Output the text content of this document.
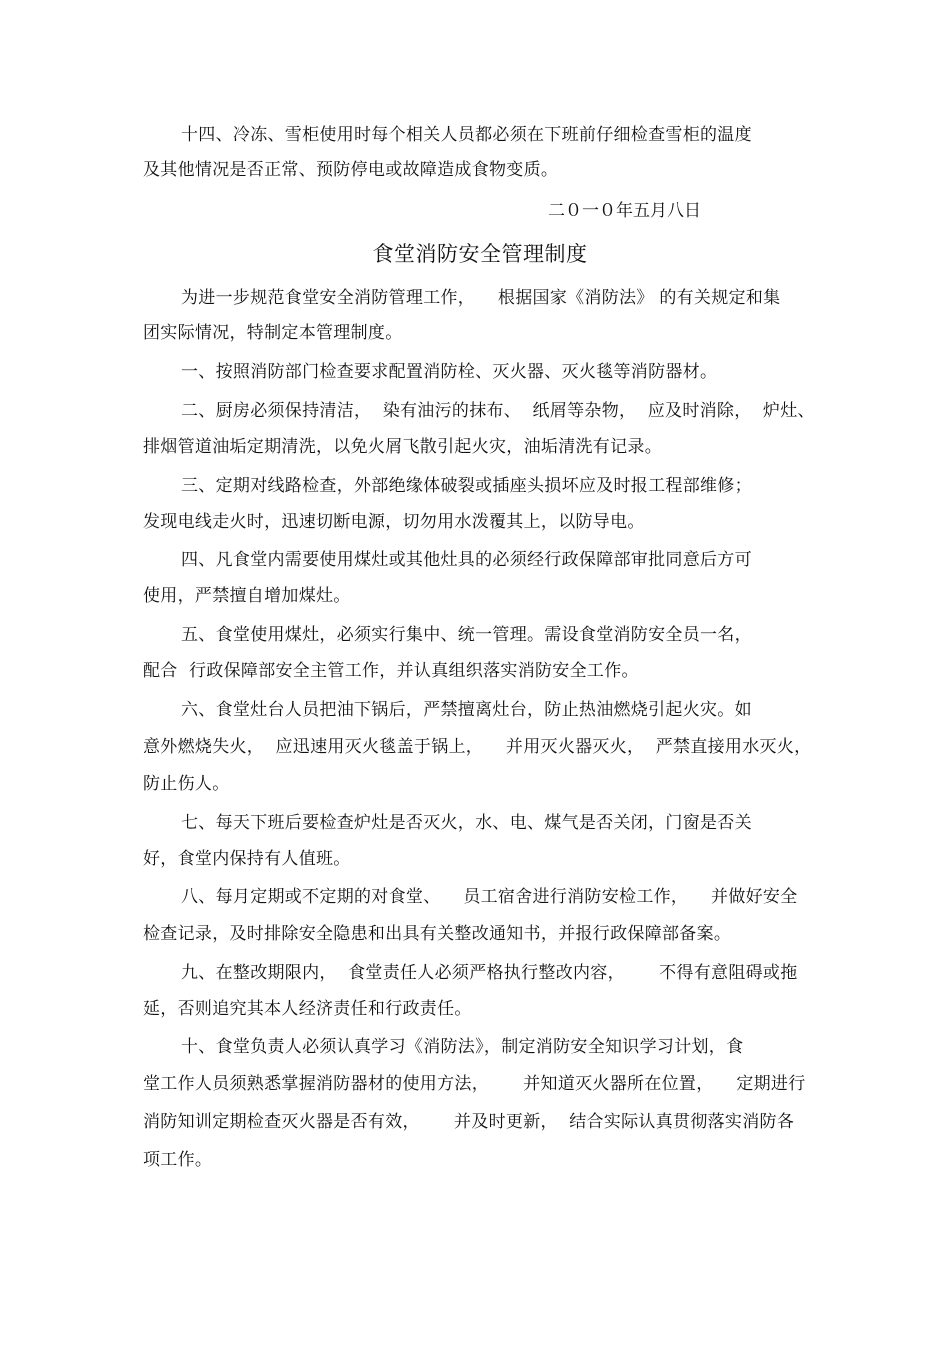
十四、冷冻、雪柜使用时每个相关人员都必须在下班前仔细检查雪柜的温度
及其他情况是否正常、预防停电或故障造成食物变质。
二０一０年五月八日
食堂消防安全管理制度
为进一步规范食堂安全消防管理工作，    根据国家《消防法》 的有关规定和集
团实际情况，特制定本管理制度。
一、按照消防部门检查要求配置消防栓、灭火器、灭火毯等消防器材。
二、厨房必须保持清洁，  染有油污的抹布、  纸屑等杂物，  应及时消除，  炉灶、
排烟管道油垢定期清洗，以免火屑飞散引起火灾，油垢清洗有记录。
三、定期对线路检查，外部绝缘体破裂或插座头损坏应及时报工程部维修；
发现电线走火时，迅速切断电源，切勿用水泼覆其上，以防导电。
四、凡食堂内需要使用煤灶或其他灶具的必须经行政保障部审批同意后方可
使用，严禁擅自增加煤灶。
五、食堂使用煤灶，必须实行集中、统一管理。需设食堂消防安全员一名，
配合  行政保障部安全主管工作，并认真组织落实消防安全工作。
六、食堂灶台人员把油下锅后，严禁擅离灶台，防止热油燃烧引起火灾。如
意外燃烧失火，  应迅速用灭火毯盖于锅上，    并用灭火器灭火，  严禁直接用水灭火，
防止伤人。
七、每天下班后要检查炉灶是否灭火，水、电、煤气是否关闭，门窗是否关
好，食堂内保持有人值班。
八、每月定期或不定期的对食堂、    员工宿舍进行消防安检工作，    并做好安全
检查记录，及时排除安全隐患和出具有关整改通知书，并报行政保障部备案。
九、在整改期限内，  食堂责任人必须严格执行整改内容，      不得有意阻碍或拖
延，否则追究其本人经济责任和行政责任。
十、食堂负责人必须认真学习《消防法》，制定消防安全知识学习计划，食
堂工作人员须熟悉掌握消防器材的使用方法，      并知道灭火器所在位置，    定期进行
消防知训定期检查灭火器是否有效，      并及时更新，  结合实际认真贯彻落实消防各
项工作。
